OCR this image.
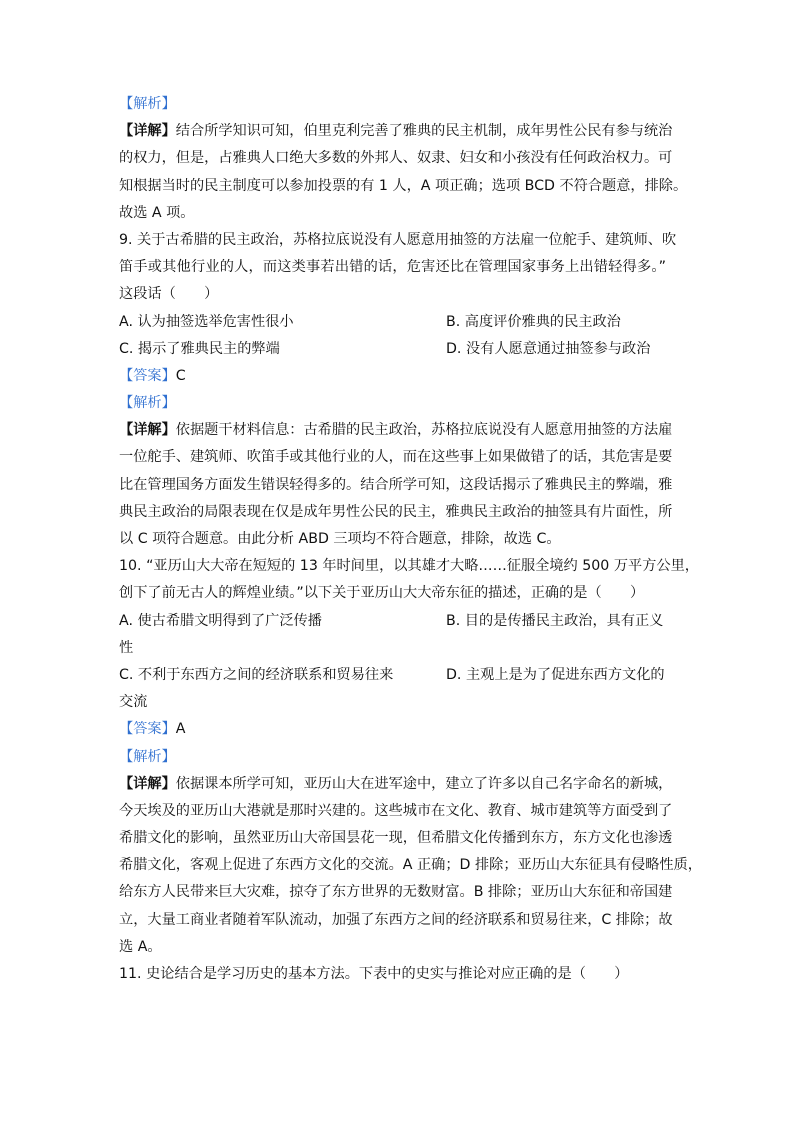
【解析】
【详解】结合所学知识可知，伯里克利完善了雅典的民主机制，成年男性公民有参与统治
的权力，但是，占雅典人口绝大多数的外邦人、奴隶、妇女和小孩没有任何政治权力。可
知根据当时的民主制度可以参加投票的有 1 人，A 项正确；选项 BCD 不符合题意，排除。
故选 A 项。
9. 关于古希腊的民主政治，苏格拉底说没有人愿意用抽签的方法雇一位舵手、建筑师、吹
笛手或其他行业的人，而这类事若出错的话，危害还比在管理国家事务上出错轻得多。”
这段话（　　）
A. 认为抽签选举危害性很小	B. 高度评价雅典的民主政治
C. 揭示了雅典民主的弊端	D. 没有人愿意通过抽签参与政治
【答案】C
【解析】
【详解】依据题干材料信息：古希腊的民主政治，苏格拉底说没有人愿意用抽签的方法雇
一位舵手、建筑师、吹笛手或其他行业的人，而在这些事上如果做错了的话，其危害是要
比在管理国务方面发生错误轻得多的。结合所学可知，这段话揭示了雅典民主的弊端，雅
典民主政治的局限表现在仅是成年男性公民的民主，雅典民主政治的抽签具有片面性，所
以 C 项符合题意。由此分析 ABD 三项均不符合题意，排除，故选 C。
10. “亚历山大大帝在短短的 13 年时间里，以其雄才大略……征服全境约 500 万平方公里，
创下了前无古人的辉煌业绩。”以下关于亚历山大大帝东征的描述，正确的是（　　）
A. 使古希腊文明得到了广泛传播	B. 目的是传播民主政治，具有正义
性
C. 不利于东西方之间的经济联系和贸易往来	D. 主观上是为了促进东西方文化的
交流
【答案】A
【解析】
【详解】依据课本所学可知，亚历山大在进军途中，建立了许多以自己名字命名的新城，
今天埃及的亚历山大港就是那时兴建的。这些城市在文化、教育、城市建筑等方面受到了
希腊文化的影响，虽然亚历山大帝国昙花一现，但希腊文化传播到东方，东方文化也渗透
希腊文化，客观上促进了东西方文化的交流。A 正确；D 排除；亚历山大东征具有侵略性质，
给东方人民带来巨大灾难，掠夺了东方世界的无数财富。B 排除；亚历山大东征和帝国建
立，大量工商业者随着军队流动，加强了东西方之间的经济联系和贸易往来，C 排除；故
选 A。
11. 史论结合是学习历史的基本方法。下表中的史实与推论对应正确的是（　　）
